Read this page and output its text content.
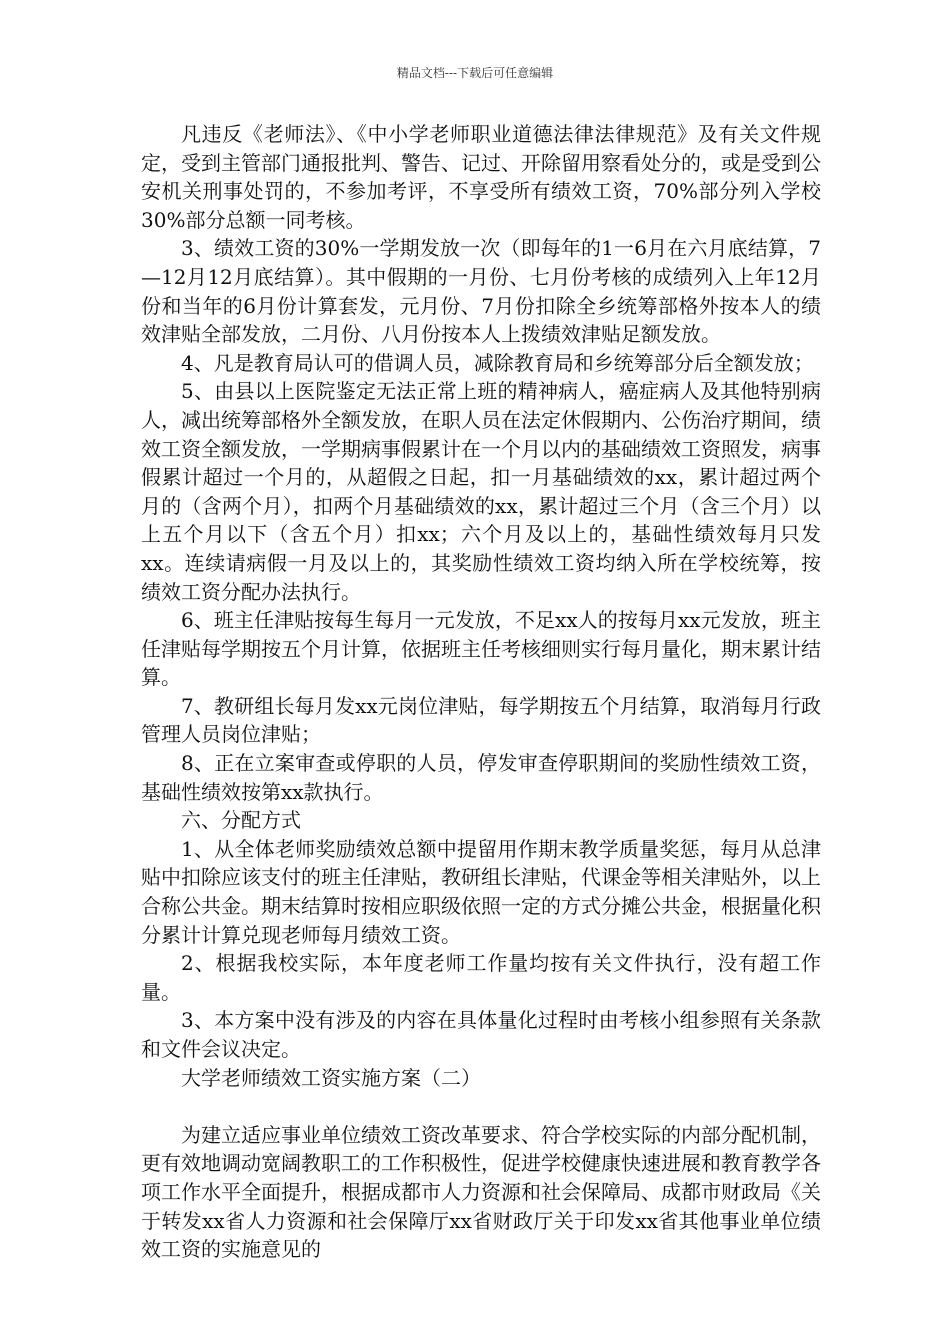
精品文档---下载后可任意编辑

凡违反《老师法》、《中小学老师职业道德法律法律规范》及有关文件规定，受到主管部门通报批判、警告、记过、开除留用察看处分的，或是受到公安机关刑事处罚的，不参加考评，不享受所有绩效工资，70%部分列入学校30%部分总额一同考核。

3、绩效工资的30%一学期发放一次（即每年的1一6月在六月底结算，7—12月12月底结算）。其中假期的一月份、七月份考核的成绩列入上年12月份和当年的6月份计算套发，元月份、7月份扣除全乡统筹部格外按本人的绩效津贴全部发放，二月份、八月份按本人上拨绩效津贴足额发放。

4、凡是教育局认可的借调人员，减除教育局和乡统筹部分后全额发放；

5、由县以上医院鉴定无法正常上班的精神病人，癌症病人及其他特别病人，减出统筹部格外全额发放，在职人员在法定休假期内、公伤治疗期间，绩效工资全额发放，一学期病事假累计在一个月以内的基础绩效工资照发，病事假累计超过一个月的，从超假之日起，扣一月基础绩效的xx，累计超过两个月的（含两个月），扣两个月基础绩效的xx，累计超过三个月（含三个月）以上五个月以下（含五个月）扣xx；六个月及以上的，基础性绩效每月只发xx。连续请病假一月及以上的，其奖励性绩效工资均纳入所在学校统筹，按绩效工资分配办法执行。

6、班主任津贴按每生每月一元发放，不足xx人的按每月xx元发放，班主任津贴每学期按五个月计算，依据班主任考核细则实行每月量化，期末累计结算。

7、教研组长每月发xx元岗位津贴，每学期按五个月结算，取消每月行政管理人员岗位津贴；

8、正在立案审查或停职的人员，停发审查停职期间的奖励性绩效工资，基础性绩效按第xx款执行。

六、分配方式

1、从全体老师奖励绩效总额中提留用作期末教学质量奖惩，每月从总津贴中扣除应该支付的班主任津贴，教研组长津贴，代课金等相关津贴外，以上合称公共金。期末结算时按相应职级依照一定的方式分摊公共金，根据量化积分累计计算兑现老师每月绩效工资。

2、根据我校实际，本年度老师工作量均按有关文件执行，没有超工作量。

3、本方案中没有涉及的内容在具体量化过程时由考核小组参照有关条款和文件会议决定。

大学老师绩效工资实施方案（二）

为建立适应事业单位绩效工资改革要求、符合学校实际的内部分配机制，更有效地调动宽阔教职工的工作积极性，促进学校健康快速进展和教育教学各项工作水平全面提升，根据成都市人力资源和社会保障局、成都市财政局《关于转发xx省人力资源和社会保障厅xx省财政厅关于印发xx省其他事业单位绩效工资的实施意见的
